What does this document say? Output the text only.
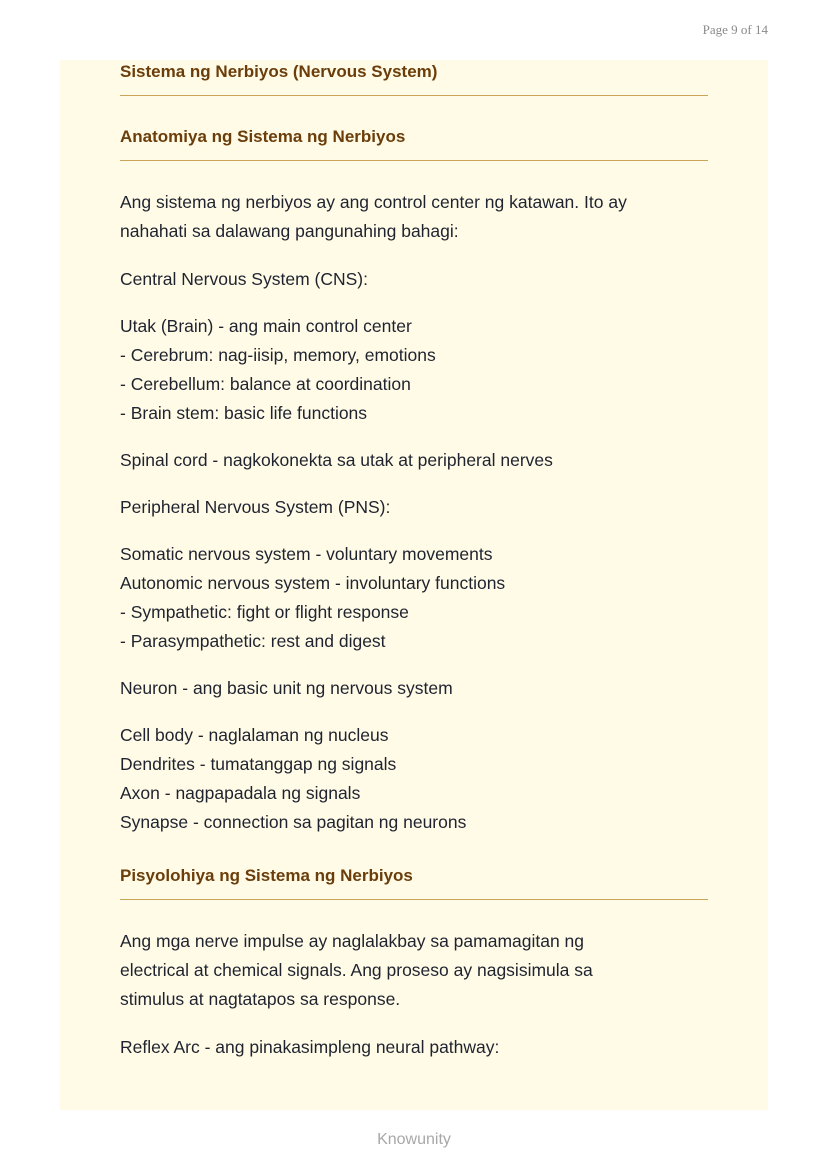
Page 9 of 14
Sistema ng Nerbiyos (Nervous System)
Anatomiya ng Sistema ng Nerbiyos

Ang sistema ng nerbiyos ay ang control center ng katawan. Ito ay
nahahati sa dalawang pangunahing bahagi:

Central Nervous System (CNS):

Utak (Brain) - ang main control center
- Cerebrum: nag-iisip, memory, emotions
- Cerebellum: balance at coordination
- Brain stem: basic life functions

Spinal cord - nagkokonekta sa utak at peripheral nerves

Peripheral Nervous System (PNS):

Somatic nervous system - voluntary movements
Autonomic nervous system - involuntary functions
- Sympathetic: fight or flight response
- Parasympathetic: rest and digest

Neuron - ang basic unit ng nervous system

Cell body - naglalaman ng nucleus
Dendrites - tumatanggap ng signals
Axon - nagpapadala ng signals
Synapse - connection sa pagitan ng neurons

Pisyolohiya ng Sistema ng Nerbiyos

Ang mga nerve impulse ay naglalakbay sa pamamagitan ng
electrical at chemical signals. Ang proseso ay nagsisimula sa
stimulus at nagtatapos sa response.

Reflex Arc - ang pinakasimpleng neural pathway:

Knowunity
